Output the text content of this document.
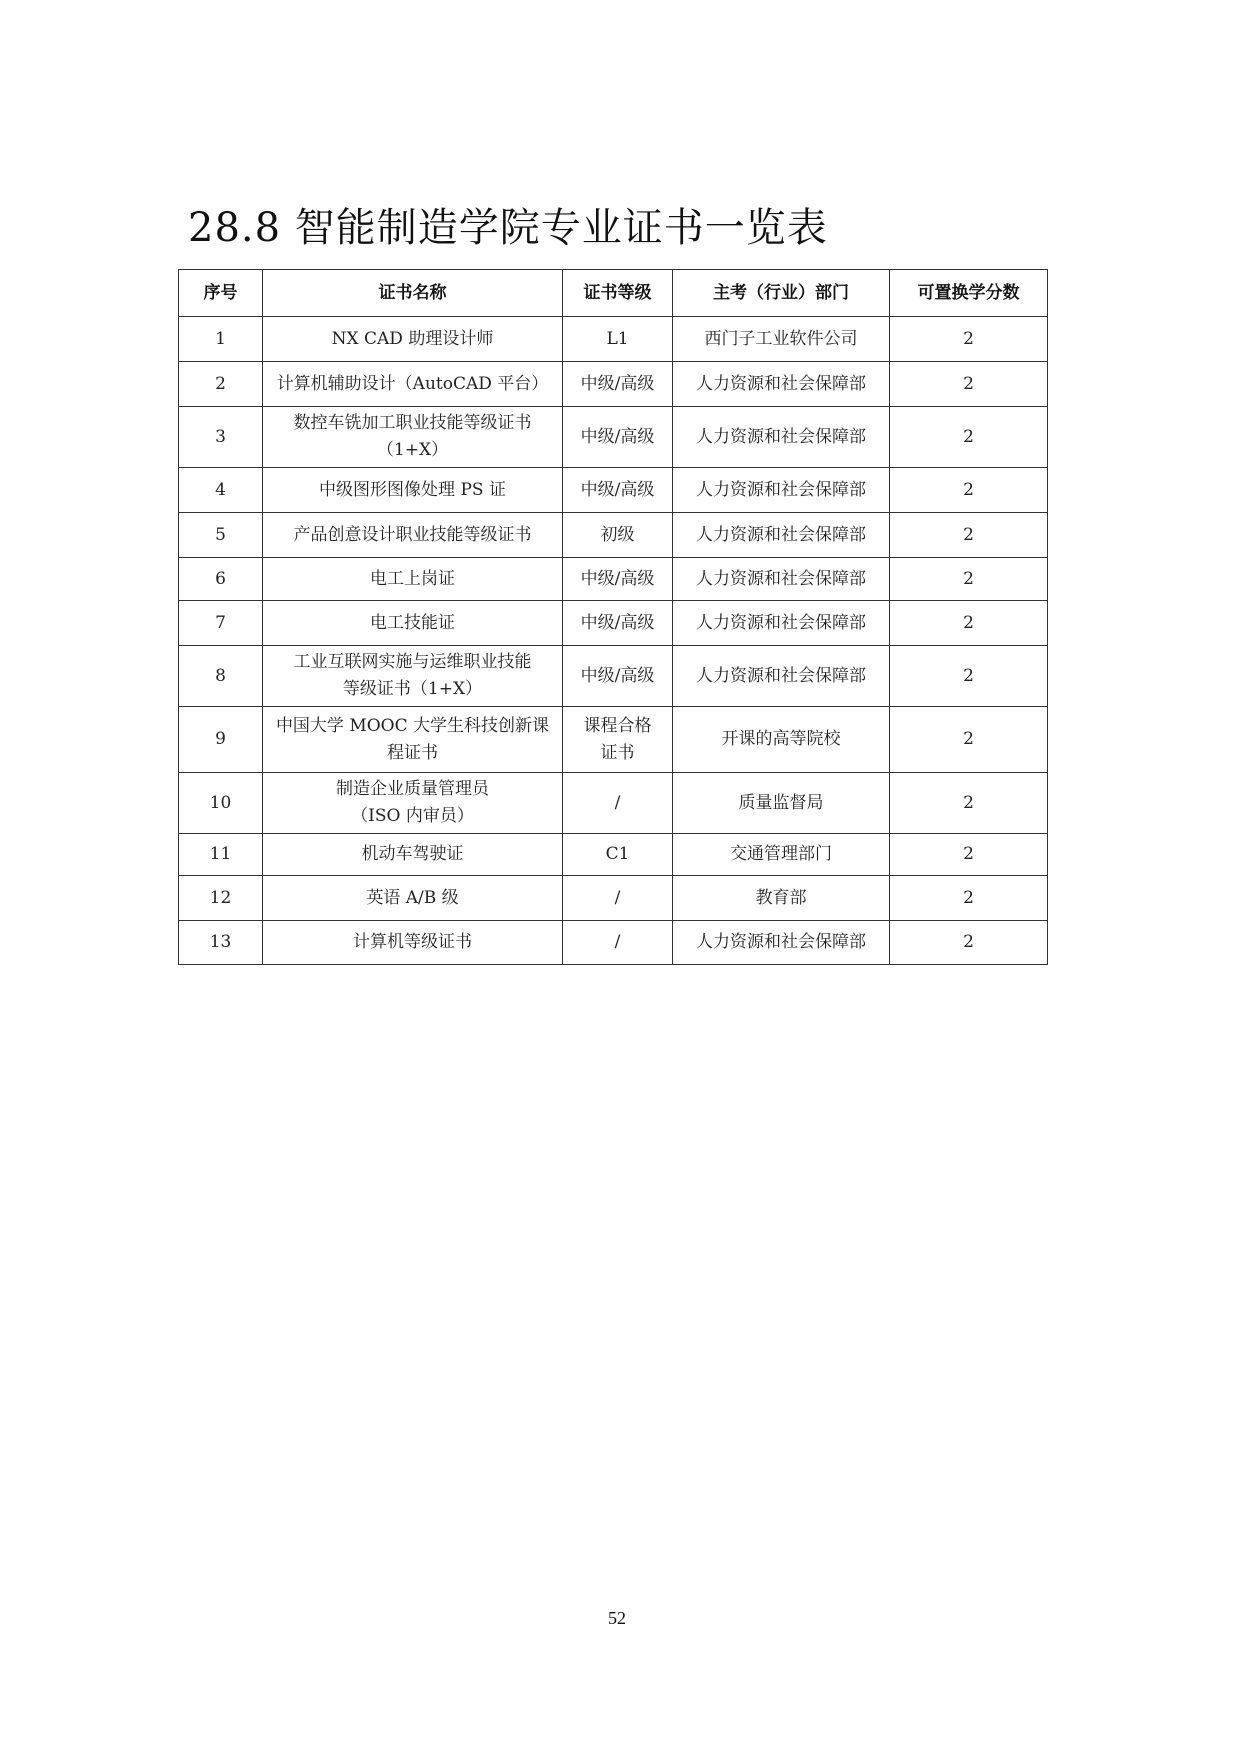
28.8 智能制造学院专业证书一览表
序号	证书名称	证书等级	主考（行业）部门	可置换学分数
1	NX CAD 助理设计师	L1	西门子工业软件公司	2
2	计算机辅助设计（AutoCAD 平台）	中级/高级	人力资源和社会保障部	2
3	数控车铣加工职业技能等级证书
（1+X）	中级/高级	人力资源和社会保障部	2
4	中级图形图像处理 PS 证	中级/高级	人力资源和社会保障部	2
5	产品创意设计职业技能等级证书	初级	人力资源和社会保障部	2
6	电工上岗证	中级/高级	人力资源和社会保障部	2
7	电工技能证	中级/高级	人力资源和社会保障部	2
8	工业互联网实施与运维职业技能
等级证书（1+X）	中级/高级	人力资源和社会保障部	2
9	中国大学 MOOC 大学生科技创新课
程证书	课程合格
证书	开课的高等院校	2
10	制造企业质量管理员
（ISO 内审员）	/	质量监督局	2
11	机动车驾驶证	C1	交通管理部门	2
12	英语 A/B 级	/	教育部	2
13	计算机等级证书	/	人力资源和社会保障部	2
52
